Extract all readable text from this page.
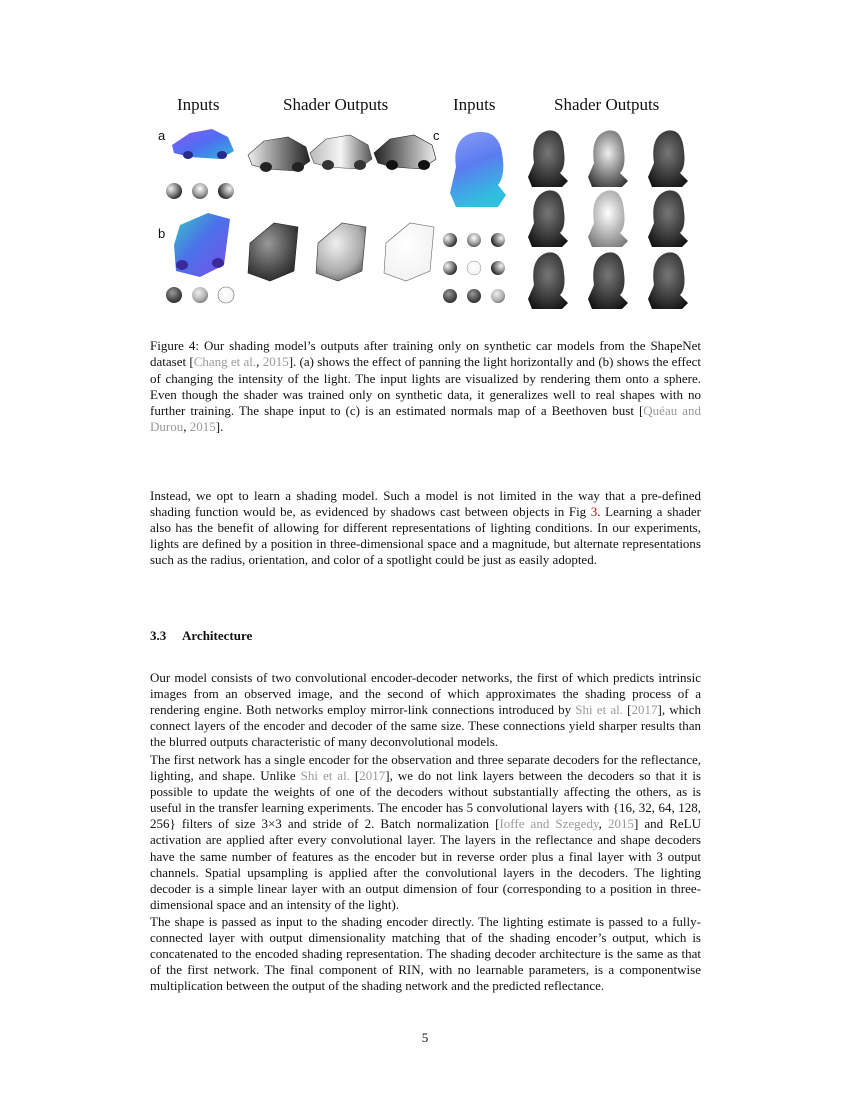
Inputs	Shader Outputs	Inputs	Shader Outputs
a
b
c

Figure 4: Our shading model’s outputs after training only on synthetic car models from the ShapeNet dataset [Chang et al., 2015]. (a) shows the effect of panning the light horizontally and (b) shows the effect of changing the intensity of the light. The input lights are visualized by rendering them onto a sphere. Even though the shader was trained only on synthetic data, it generalizes well to real shapes with no further training. The shape input to (c) is an estimated normals map of a Beethoven bust [Quéau and Durou, 2015].

Instead, we opt to learn a shading model. Such a model is not limited in the way that a pre-defined shading function would be, as evidenced by shadows cast between objects in Fig 3. Learning a shader also has the benefit of allowing for different representations of lighting conditions. In our experiments, lights are defined by a position in three-dimensional space and a magnitude, but alternate representations such as the radius, orientation, and color of a spotlight could be just as easily adopted.

3.3 Architecture

Our model consists of two convolutional encoder-decoder networks, the first of which predicts intrinsic images from an observed image, and the second of which approximates the shading process of a rendering engine. Both networks employ mirror-link connections introduced by Shi et al. [2017], which connect layers of the encoder and decoder of the same size. These connections yield sharper results than the blurred outputs characteristic of many deconvolutional models.

The first network has a single encoder for the observation and three separate decoders for the reflectance, lighting, and shape. Unlike Shi et al. [2017], we do not link layers between the decoders so that it is possible to update the weights of one of the decoders without substantially affecting the others, as is useful in the transfer learning experiments. The encoder has 5 convolutional layers with {16, 32, 64, 128, 256} filters of size 3×3 and stride of 2. Batch normalization [Ioffe and Szegedy, 2015] and ReLU activation are applied after every convolutional layer. The layers in the reflectance and shape decoders have the same number of features as the encoder but in reverse order plus a final layer with 3 output channels. Spatial upsampling is applied after the convolutional layers in the decoders. The lighting decoder is a simple linear layer with an output dimension of four (corresponding to a position in three-dimensional space and an intensity of the light).

The shape is passed as input to the shading encoder directly. The lighting estimate is passed to a fully-connected layer with output dimensionality matching that of the shading encoder’s output, which is concatenated to the encoded shading representation. The shading decoder architecture is the same as that of the first network. The final component of RIN, with no learnable parameters, is a componentwise multiplication between the output of the shading network and the predicted reflectance.

5
